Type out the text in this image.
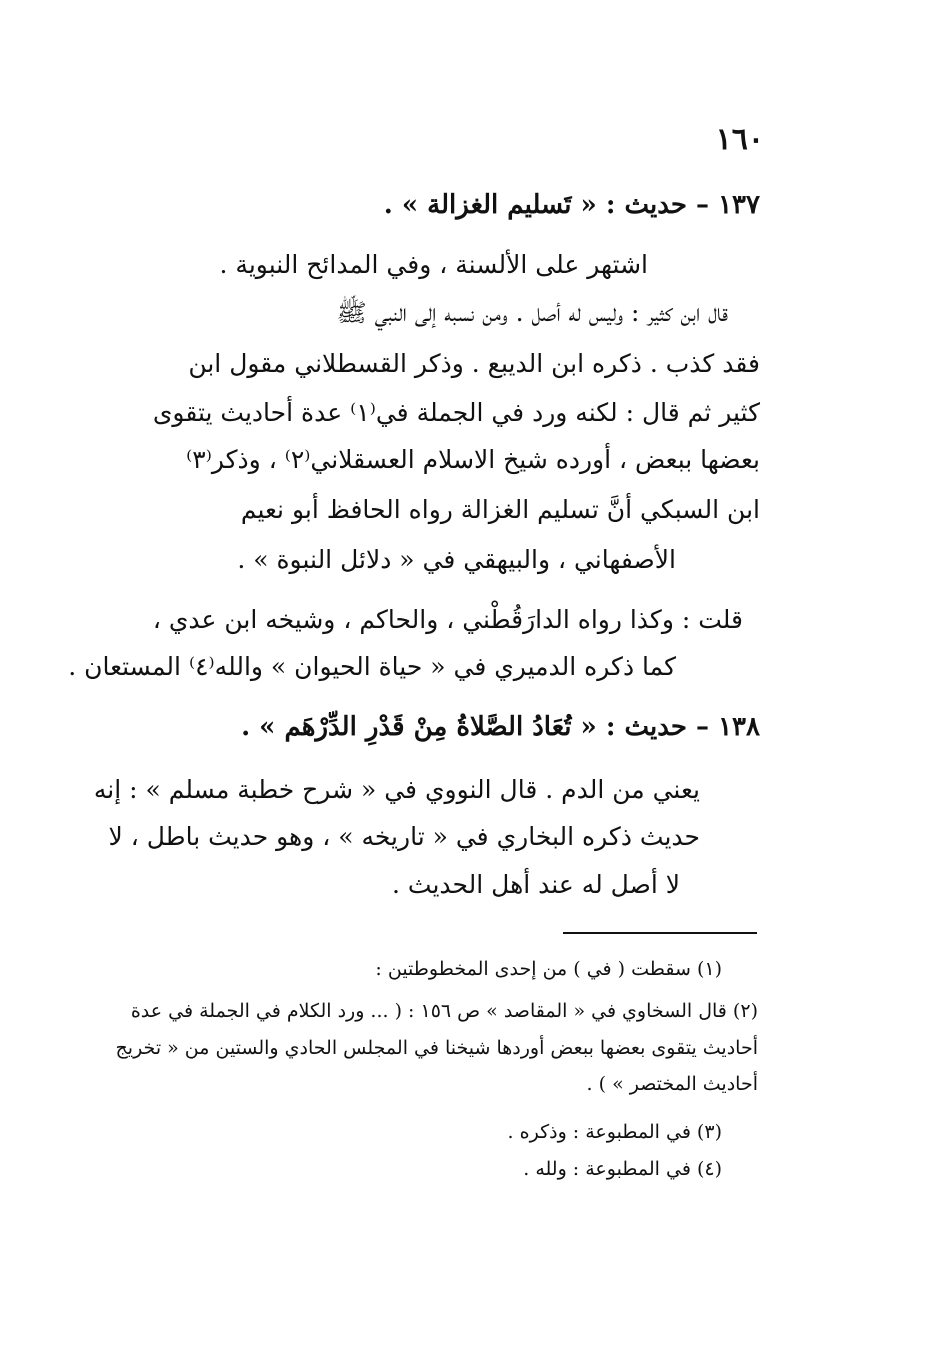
١٦٠
١٣٧ – حديث : « تَسليم الغزالة » .
اشتهر على الألسنة ، وفي المدائح النبوية .
قال ابن كثير : وليس له أصل . ومن نسبه إلى النبي ﷺ
فقد كذب . ذكره ابن الديبع . وذكر القسطلاني مقول ابن
كثير ثم قال : لكنه ورد في الجملة في⁽١⁾ عدة أحاديث يتقوى
بعضها ببعض ، أورده شيخ الاسلام العسقلاني⁽٢⁾ ، وذكر⁽٣⁾
ابن السبكي أنَّ تسليم الغزالة رواه الحافظ أبو نعيم
الأصفهاني ، والبيهقي في « دلائل النبوة » .
قلت : وكذا رواه الدارَقُطْني ، والحاكم ، وشيخه ابن عدي ،
كما ذكره الدميري في « حياة الحيوان » والله⁽٤⁾ المستعان .
١٣٨ – حديث : « تُعَادُ الصَّلاةُ مِنْ قَدْرِ الدِّرْهَم » .
يعني من الدم . قال النووي في « شرح خطبة مسلم » : إنه
حديث ذكره البخاري في « تاريخه » ، وهو حديث باطل ، لا
لا أصل له عند أهل الحديث .
(١) سقطت ( في ) من إحدى المخطوطتين :
(٢) قال السخاوي في « المقاصد » ص ١٥٦ : ( ... ورد الكلام في الجملة في عدة
أحاديث يتقوى بعضها ببعض أوردها شيخنا في المجلس الحادي والستين من « تخريج
أحاديث المختصر » ) .
(٣) في المطبوعة : وذكره .
(٤) في المطبوعة : ولله .
